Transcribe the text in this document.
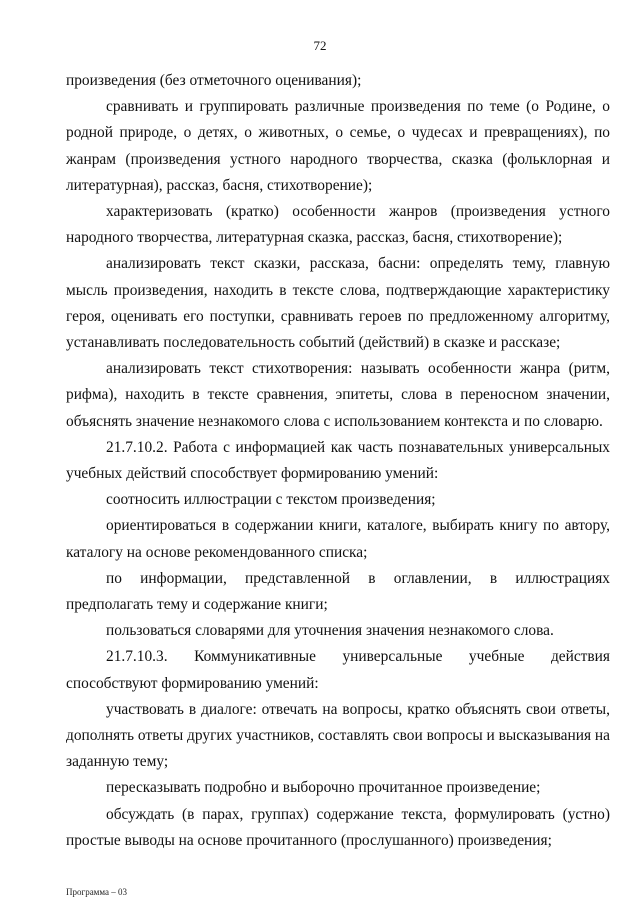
72

произведения (без отметочного оценивания);

сравнивать и группировать различные произведения по теме (о Родине, о родной природе, о детях, о животных, о семье, о чудесах и превращениях), по жанрам (произведения устного народного творчества, сказка (фольклорная и литературная), рассказ, басня, стихотворение);

характеризовать (кратко) особенности жанров (произведения устного народного творчества, литературная сказка, рассказ, басня, стихотворение);

анализировать текст сказки, рассказа, басни: определять тему, главную мысль произведения, находить в тексте слова, подтверждающие характеристику героя, оценивать его поступки, сравнивать героев по предложенному алгоритму, устанавливать последовательность событий (действий) в сказке и рассказе;

анализировать текст стихотворения: называть особенности жанра (ритм, рифма), находить в тексте сравнения, эпитеты, слова в переносном значении, объяснять значение незнакомого слова с использованием контекста и по словарю.

21.7.10.2. Работа с информацией как часть познавательных универсальных учебных действий способствует формированию умений:

соотносить иллюстрации с текстом произведения;

ориентироваться в содержании книги, каталоге, выбирать книгу по автору, каталогу на основе рекомендованного списка;

по информации, представленной в оглавлении, в иллюстрациях предполагать тему и содержание книги;

пользоваться словарями для уточнения значения незнакомого слова.

21.7.10.3. Коммуникативные универсальные учебные действия способствуют формированию умений:

участвовать в диалоге: отвечать на вопросы, кратко объяснять свои ответы, дополнять ответы других участников, составлять свои вопросы и высказывания на заданную тему;

пересказывать подробно и выборочно прочитанное произведение;

обсуждать (в парах, группах) содержание текста, формулировать (устно) простые выводы на основе прочитанного (прослушанного) произведения;

Программа – 03
